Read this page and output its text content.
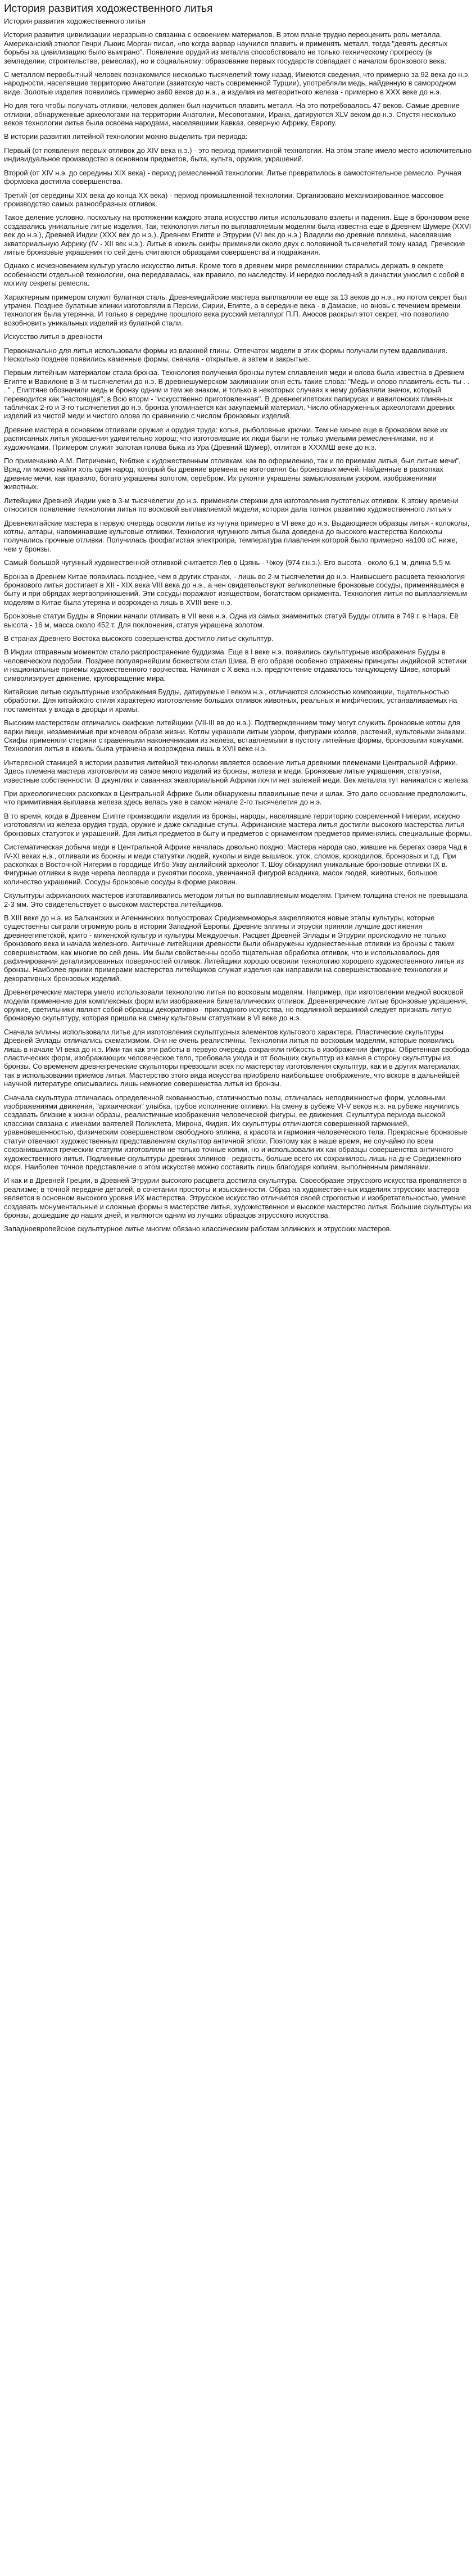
История развития ходожественного литья

История развития ходожественного литья

История развития цивилизации неразрывно связанна с освоением материалов. В этом плане трудно переоценить роль металла. Американский этнолог Генри Льюис Морган писал, «по когда варвар научился плавить и применять металл, тогда "девять десятых борьбы ха цивилизацию было выиграно". Появление орудий из металла способствовало не только техническому прогрессу (в земледелии, строительстве, ремеслах), но и социальному: образование первых государств совпадает с началом бронзового века.

С металлом первобытный человек познакомился несколько тысячелетий тому назад. Имеются сведения, что примерно за 92 века до н.э. народности, населявшие территорию Анатолии (азиатскую часть современной Турции), употребляли медь, найденную в самородном виде. Золотые изделия появились примерно за60 веков до н.э., а изделия из метеоритного железа - примерно в XXX веке до н.э.

Но для того чтобы получать отливки, человек должен был научиться плавить металл. На это потребовалось 47 веков. Самые древние отливки, обнаруженные археологами на территории Анатолии, Месопотамии, Ирана, датируются XLV веком до н.э. Спустя несколько веков технологии литья была освоена народами, населявшими Кавказ, северную Африку, Европу.

В истории развития литейной технологии можно выделить три периода:

Первый (от появления первых отливок до XIV века н.э.) - это период примитивной технологии. На этом этапе имело место исключительно индивидуальное производство в основном предметов, быта, культа, оружия, украшений.

Второй (от XIV н.э. до середины XIX века) - период ремесленной технологии. Литье превратилось в самостоятельное ремесло. Ручная формовка достигла совершенства.

Третий (от середины XIX века до конца XX века) - период промышленной технологии. Организовано механизированное массовое производство самых разнообразных отливок.

Такое деление условно, поскольку на протяжении каждого этапа искусство литья использовало взлеты и падения. Еще в бронзовом веке создавались уникальные литые изделия. Так, технология литья по выплавляемым моделям была известна еще в Древнем Шумере (XXVI век до н.э.), Древней Индии (XXX век до н.э.), Древнем Египте и Этрурии (VI век до н.э.) Владели ею древние племена, населявшие экваториальную Африку (IV - XII век н.э.). Литье в кокиль скифы применяли около двух с половиной тысячелетий тому назад. Греческие литые бронзовые украшения по сей день считаются образцами совершенства и подражания.

Однако с исчезновением культур угасло искусство литья. Кроме того в древнем мире ремесленники старались держать в секрете особенности отдельной технологии, она передавалась, как правило, по наследству. И нередко последний в династии унослил с собой в могилу секреты ремесла.

Характерным примером служит булатная сталь. Древнеиндийские мастера выплавляли ее еще за 13 веков до н.э., но потом секрет был утрачен. Позднее булатные клинки изготовляли в Персии, Сирии, Египте, а в середине века - в Дамаске, но вновь с течением времени технология была утерянна. И только в середине прошлого века русский металлург П.П. Аносов раскрыл этот секрет, что позволило возобновить уникальных изделий из булатной стали.

Искусство литья в древности

Первоначально для литья использовали формы из влажной глины. Отпечаток модели в этих формы получали путем вдавливания. Несколько позднее появились каменные формы, сначала - открытые, а затем и закрытые.

Первым литейным материалом стала бронза. Технология получения бронзы путем сплавления меди и олова была известна в Древнем Египте и Вавилоне в 3-м тысячелетии до н.э. В древнешумерском заклинании огня есть такие слова: "Медь и олово плавитель есть ты . . . " , Египтяне обозначили медь и бронзу одним и тем же знаком, и только в некоторых случаях к нему добавляли значок, который переводится как "настоящая", в Всю вторм - "искусственно приготовленная". В древнеегипетских папирусах и вавилонских глиняных табличках 2-го и 3-го тысячелетия до н.э. бронза упоминается как закупаемый материал. Число обнаруженных археологами древних изделий из чистой меди и чистого олова по сравнению с числом бронзовых изделий.

Древние мастера в основном отливали оружие и орудия труда: копья, рыболовные крючки. Тем не менее еще в бронзовом веке их расписанных литья украшения удивительно хорош; что изготовившие их люди были не только умелыми ремесленниками, но и художниками. Примером служит золотая голова быка из Ура (Древний Шумер), отлитая в XXXМШ веке до н.э.

По примечанию А.М. Петриченко, №6пже к художественным отливкам, как по оформлению, так и по приемам литья, был литые мечи", Вряд ли можно найти хоть один народ, который бы древние времена не изготовлял бы бронзовых мечей. Найденные в раскопках древние мечи, как правило, богато украшены золотом, серебром. Их рукояти украшены замысловатым узором, изображениями животных.

Литейщики Древней Индии уже в 3-м тысячелетии до н.э. применяли стержни для изготовления пустотелых отливок. К этому времени относится появление технологии литья по восковой выплавляемой модели, которая дала толчок развитию художественного литья.v

Древнекитайские мастера в первую очередь освоили литье из чугуна примерно в VI веке до н.э. Выдающиеся образцы литья - колоколы, котлы, алтары, напоминавшие культовые отливки. Технология чугунного литья была доведена до высокого мастерства Колоколы получались прочные отливки. Получилась фосфатистая электропра, температура плавления которой было примерно на100 oC ниже, чем у бронзы.

Самый большой чугунный художественной отливкой считается Лев в Цзянь - Чжоу (974 г.н.э.). Его высота - около 6,1 м, длина 5,5 м.

Бронза в Древнем Китае появилась позднее, чем в других странах, - лишь во 2-м тысячелетии до н.э. Наивысшего расцвета технология бронзового литья достигает в XII - XIX века VIII века до н.э., а чен свидетельствуют великолепные бронзовые сосуды, применявшиеся в быту и при обрядах жертвоприношений. Эти сосуды поражают изяществом, богатством орнамента. Технология литья по выплавляемым моделям в Китае была утеряна и возрождена лишь в XVIII веке н.э.

Бронзовые статуи Будды в Японии начали отливать в VII веке н.э. Одна из самых знаменитых статуй Будды отлита в 749 г. в Нара. Её высота - 16 м, масса около 452 т. Для поклонения, статуя украшена золотом.

В странах Древнего Востока высокого совершенства достигло литье скульптур.

В Индии отправным моментом стало распространение буддизма. Еще в I веке н.э. появились скульптурные изображения Будды в человеческом подобии. Позднее популярнейшим божеством стал Шива. В его образе особенно отражены принципы индийской эстетики и национальные приемы художественного творчества. Начиная с X века н.э. предпочтение отдавалось танцующему Шиве, который символизирует движение, круговращение мира.

Китайские литые скульптурные изображения Будды, датируемые I веком н.э., отличаются сложностью композиции, тщательностью обработки. Для китайского стиля характерно изготовление больших отливок животных, реальных и мифических, устанавливаемых на постаментах у входа в дворцы и храмы.

Высоким мастерством отличались скифские литейщики (VII-III вв до н.э.). Подтвержденнием тому могут служить бронзовые котлы для варки пищи, незаменимые при кочевом образе жизни. Котлы украшали литым узором, фигурами козлов, растений, культовыми знаками. Скифы применяли стержни с гравенными наконечниками из железа, вставляемыми в пустоту литейные формы, бронзовыми кожухами. Технология литья в кокиль была утрачена и возрождена лишь в XVII веке н.э.

Интересной станицей в истории развития литейной технологии является освоение литья древними племенами Центральной Африки. Здесь племена мастера изготовляли из самое много изделий из бронзы, железа и меди. Бронзовые литые украшения, статуэтки, известные собственности. В джунглях и саваннах экваториальной Африки почти нет залежей меди. Век металла тут начинался с железа.

При археологических раскопках в Центральной Африке были обнаружены плавильные печи и шлак. Это дало основание предположить, что примитивная выплавка железа здесь велась уже в самом начале 2-го тысячелетия до н.э.

В то время, когда в Древнем Египте производили изделия из бронзы, народы, населявшие территорию современной Нигерии, искусно изготовляли из железа орудия труда, оружие и даже складные ступы. Африканские мастера литья достигли высокого мастерства литья бронзовых статуэток и украшений. Для литья предметов в быту и предметов с орнаментом предметов применялись специальные формы.

Систематическая добыча меди в Центральной Африке началась довольно поздно: Мастера народа сао, жившие на берегах озера Чад в IV-XI веках н.э., отливали из бронзы и меди статуэтки людей, куколы и виде вышивок, уток, сломов, крокодилов, бронзовых и т.д. При раскопках в Восточной Нигерии в городище Игбо-Укву английский археолог Т. Шоу обнаружил уникальные бронзовые отливки IX в. Фигурные отливки в виде черепа леопарда и рукоятки посоха, увенчанной фигурой всадника, масок людей, животных, большое количество украшений. Сосуды бронзовые сосуды в форме раковин.

Скульптуры африканских мастеров изготавливались методом литья по выплавляемым моделям. Причем толщина стенок не превышала 2-3 мм. Это свидетельствует о высоком мастерства литейщиков.

В XIII веке до н.э. из Балканских и Апеннинских полуостровах Средиземноморья закрепляются новые этапы культуры, которые существенны сыграли огромную роль в истории Западной Европы. Древние эллины и этруски приняли лучшие достижения древнеегипетской, крито - микенской культур и культуры Междуречья. Расцвет Древней Эллады и Этрурии происходило не только бронзового века и начала железного. Античные литейщики древности были обнаружены художественные отливки из бронзы с таким совершенством, как многие по сей день. Им были свойственны особо тщательная обработка отливок, что и использовалось для рафинирования детализированных поверхностей отливок. Литейщики хорошо освоили технологию хорошего художественного литья из бронзы. Наиболее яркими примерами мастерства литейщиков служат изделия как направили на совершенствование технологии и декоративных бронзовых изделий.

Древнегреческие мастера умело использовали технологию литья по восковым моделям. Например, при изготовлении медной восковой модели применение для комплексных форм или изображения биметаллических отливок. Древнегреческие литые бронзовые украшения, оружие, светильники являют собой образцы декоративно - прикладного искусства, но подлинной вершиной следует признать литую бронзовую скульптуру, которая пришла на смену культовым статуэткам в VI веке до н.э.

Сначала эллины использовали литье для изготовления скульптурных элементов культового характера. Пластические скульптуры Древней Эллады отличались схематизмом. Они не очень реалистичны. Технологии литья по восковым моделям, которые появились лишь в начале VI века до н.э. Ими так как эти работы в первую очередь сохраняли гибкость в изображении фигуры. Обретенная свобода пластических форм, изображающих человеческое тело, требовала ухода и от больших скульптур из камня в сторону скульптуры из бронзы. Со временем древнегреческие скульпторы превзошли всех по мастерству изготовления скульптур, как и в других материалах, так в использовании приемов литья. Мастерство этого вида искусства приобрело наибольшее отображение, что вскоре в дальнейшей научной литературе описывались лишь немногие совершенства литья из бронзы.

Сначала скульптура отличалась определенной скованностью, статичностью позы, отличалась неподвижностью форм, условными изображениями движения, "архаическая" улыбка, грубое исполнение отливки. На смену в рубеже VI-V веков н.э. на рубеже научились создавать близкие к жизни образы, реалистичные изображения человеческой фигуры, ее движения. Скульптура периода высокой классики связана с именами ваятелей Поликлета, Мирона, Фидия. Их скульптуры отличаются совершенной гармонией, уравновешенностью, физическим совершенством свободного эллина, а красота и гармония человеческого тела. Прекрасные бронзовые статуи отвечают художественным представлениям скульптор античной эпохи. Поэтому как в наше время, не случайно по всем сохранившимся греческим статуям изготовляли не только точные копии, но и использовали их как образцы совершенства античного художественного литья. Подлинные скульптуры древних эллинов - редкость, больше всего их сохранилось лишь на дне Средиземного моря. Наиболее точное представление о этом искусстве можно составить лишь благодаря копиям, выполненным римлянами.

И как и в Древней Греции, в Древней Этрурии высокого расцвета достигла скульптура. Своеобразие этрусского искусства проявляется в реализме; в точной передаче деталей, в сочетании простоты и изысканности. Образ на художественных изделиях этрусских мастеров является в основном высокого уровня ИХ мастерства. Этрусское искусство отличается своей строгостью и изобретательностью, умение создавать монументальные и сложные формы в мастерстве литья, художественное и высокое мастерство литья. Большие скульптуры из бронзы, дошедшие до наших дней, и являются одним из лучших образцов этрусского искусства.

Западноевропейское скульптурное литье многим обязано классическим работам эллинских и этрусских мастеров.
